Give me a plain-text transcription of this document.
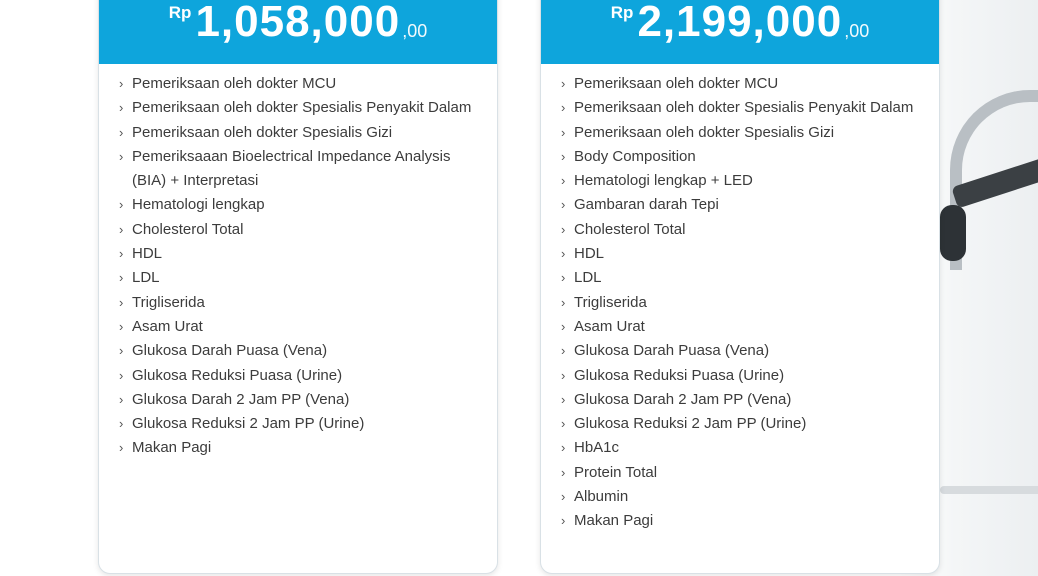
Rp 1,058,000 ,00
› Pemeriksaan oleh dokter MCU
› Pemeriksaan oleh dokter Spesialis Penyakit Dalam
› Pemeriksaan oleh dokter Spesialis Gizi
› Pemeriksaaan Bioelectrical Impedance Analysis (BIA) + Interpretasi
› Hematologi lengkap
› Cholesterol Total
› HDL
› LDL
› Trigliserida
› Asam Urat
› Glukosa Darah Puasa (Vena)
› Glukosa Reduksi Puasa (Urine)
› Glukosa Darah 2 Jam PP (Vena)
› Glukosa Reduksi 2 Jam PP (Urine)
› Makan Pagi
Rp 2,199,000 ,00
› Pemeriksaan oleh dokter MCU
› Pemeriksaan oleh dokter Spesialis Penyakit Dalam
› Pemeriksaan oleh dokter Spesialis Gizi
› Body Composition
› Hematologi lengkap + LED
› Gambaran darah Tepi
› Cholesterol Total
› HDL
› LDL
› Trigliserida
› Asam Urat
› Glukosa Darah Puasa (Vena)
› Glukosa Reduksi Puasa (Urine)
› Glukosa Darah 2 Jam PP (Vena)
› Glukosa Reduksi 2 Jam PP (Urine)
› HbA1c
› Protein Total
› Albumin
› Makan Pagi
